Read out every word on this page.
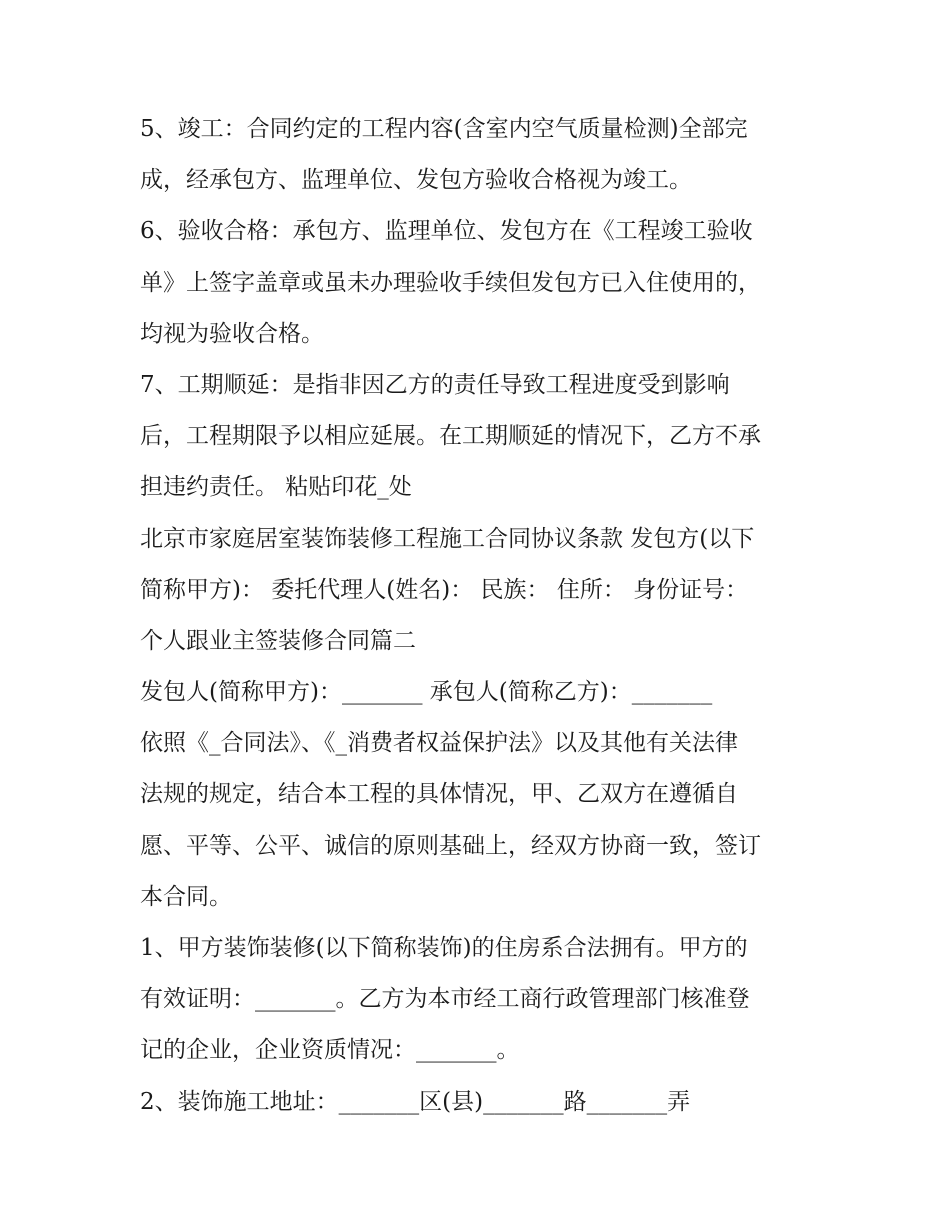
5、竣工：合同约定的工程内容(含室内空气质量检测)全部完

成，经承包方、监理单位、发包方验收合格视为竣工。

6、验收合格：承包方、监理单位、发包方在《工程竣工验收

单》上签字盖章或虽未办理验收手续但发包方已入住使用的，

均视为验收合格。

7、工期顺延：是指非因乙方的责任导致工程进度受到影响

后，工程期限予以相应延展。在工期顺延的情况下，乙方不承

担违约责任。 粘贴印花_处

北京市家庭居室装饰装修工程施工合同协议条款 发包方(以下

简称甲方)： 委托代理人(姓名)： 民族： 住所： 身份证号：

个人跟业主签装修合同篇二

发包人(简称甲方)：_______ 承包人(简称乙方)：_______

依照《_合同法》、《_消费者权益保护法》以及其他有关法律

法规的规定，结合本工程的具体情况，甲、乙双方在遵循自

愿、平等、公平、诚信的原则基础上，经双方协商一致，签订

本合同。

1、甲方装饰装修(以下简称装饰)的住房系合法拥有。甲方的

有效证明：_______。乙方为本市经工商行政管理部门核准登

记的企业，企业资质情况：_______。

2、装饰施工地址：_______区(县)_______路_______弄
